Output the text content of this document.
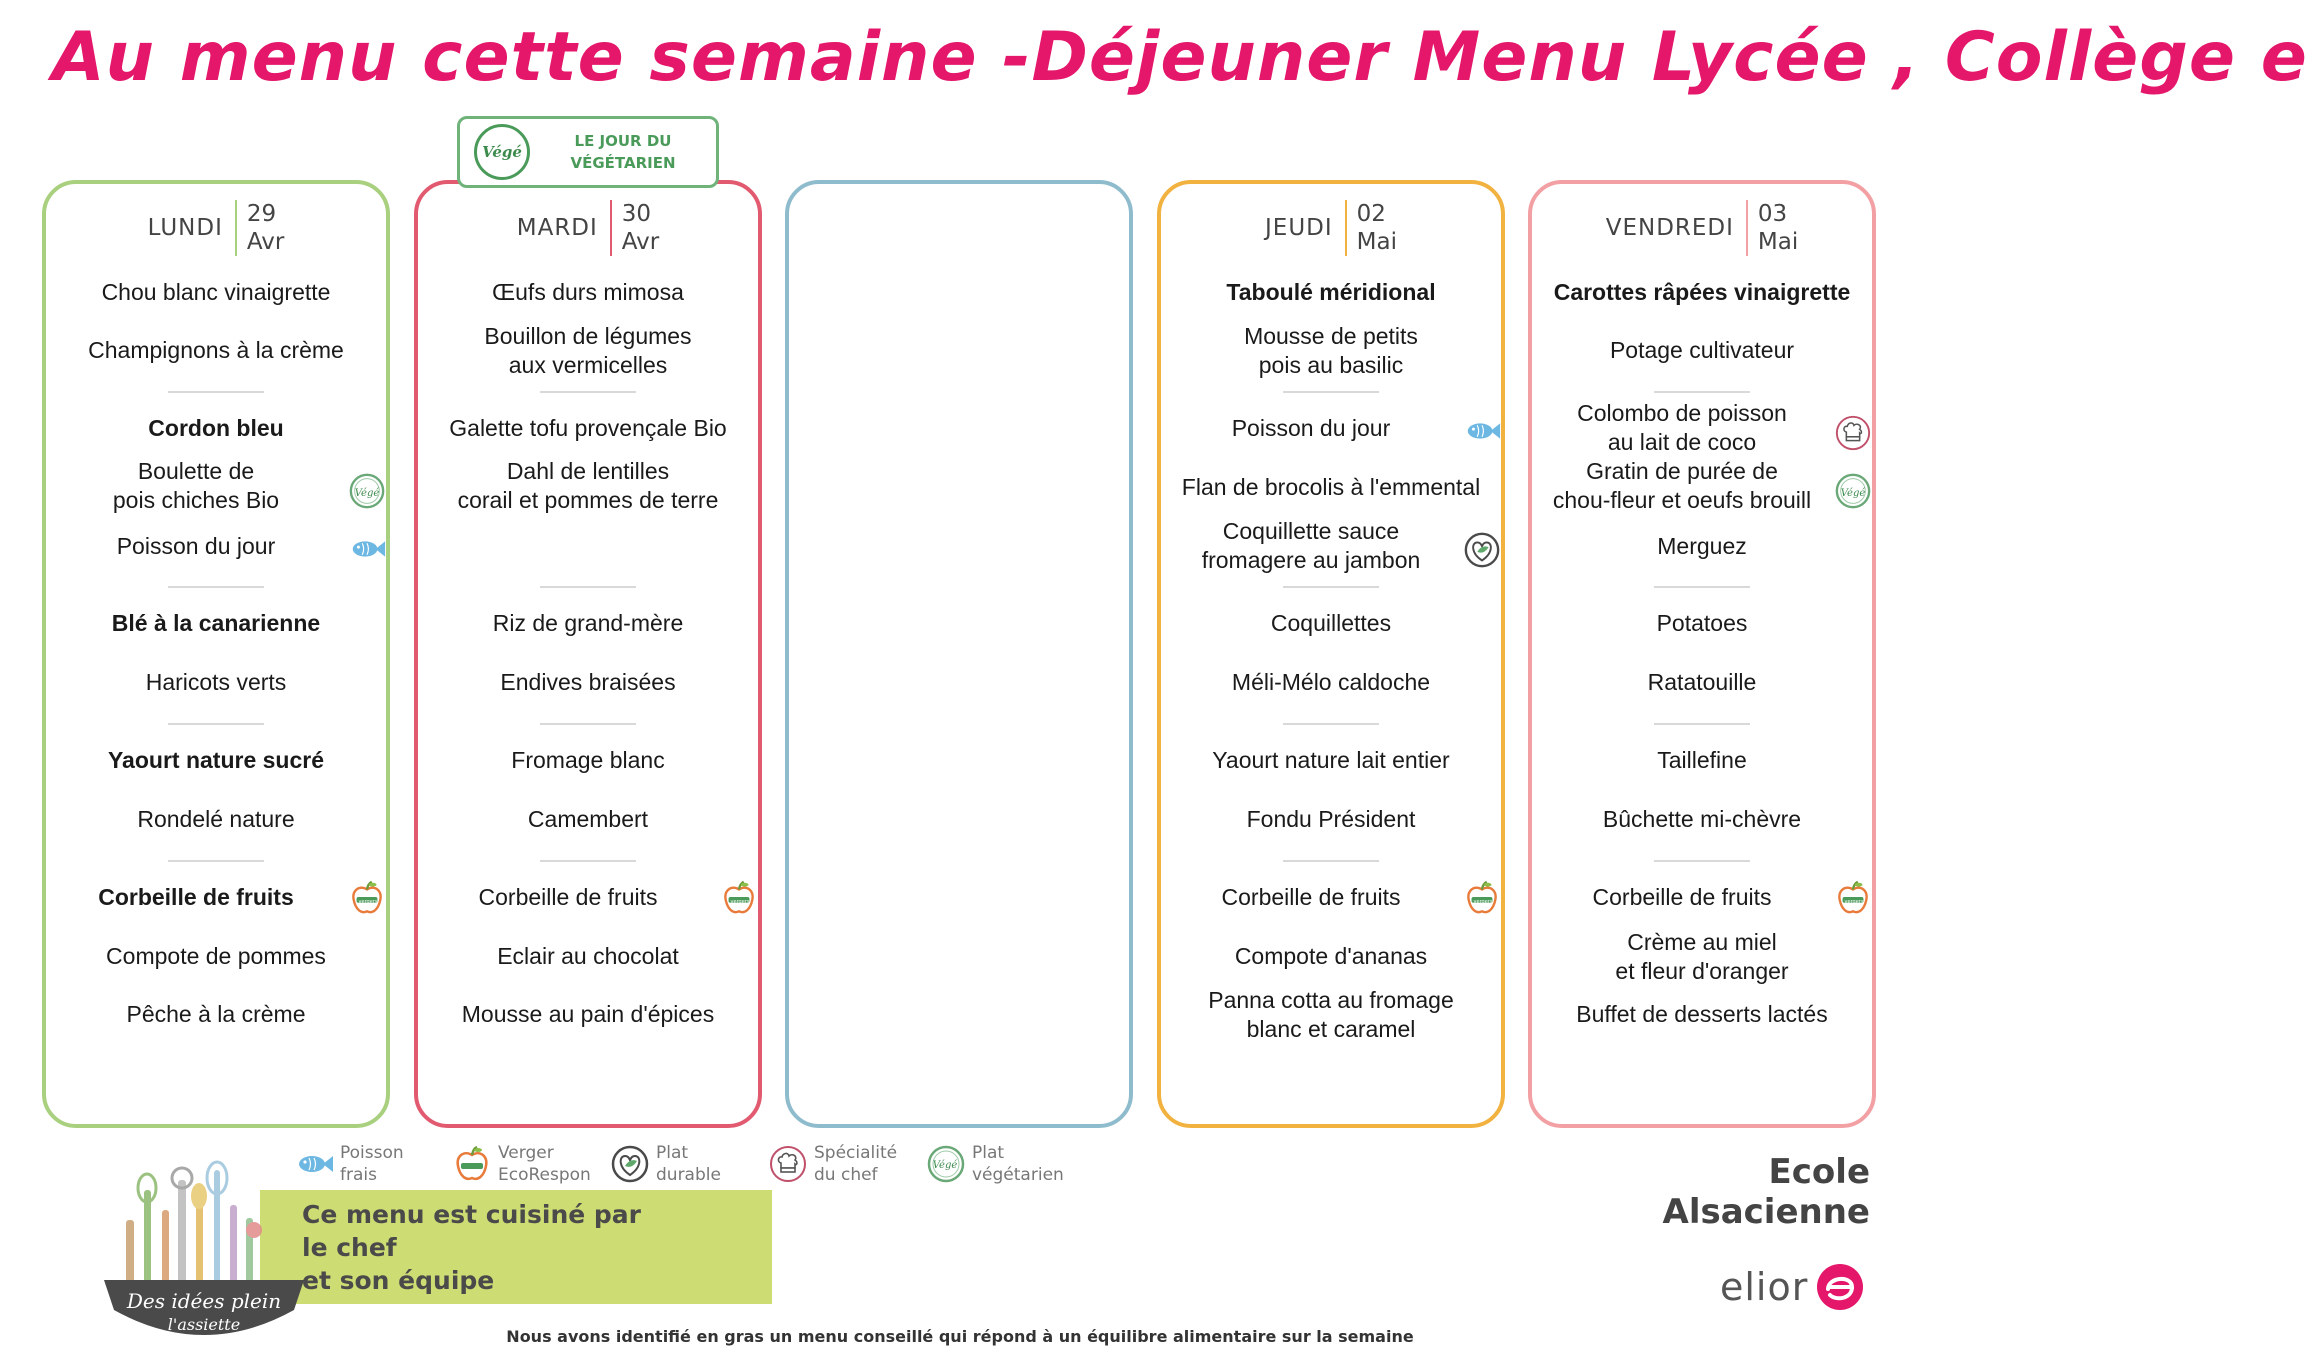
Au menu cette semaine -Déjeuner Menu Lycée , Collège e
Végé
LE JOUR DU
VÉGÉTARIEN
LUNDI
29
Avr
Chou blanc vinaigrette
Champignons à la crème
Cordon bleu
Boulette de
pois chiches Bio	Végé
Poisson du jour
Blé à la canarienne
Haricots verts
Yaourt nature sucré
Rondelé nature
Corbeille de fruits	vergers
Compote de pommes
Pêche à la crème
MARDI
30
Avr
Œufs durs mimosa
Bouillon de légumes
aux vermicelles
Galette tofu provençale Bio
Dahl de lentilles
corail et pommes de terre
Riz de grand-mère
Endives braisées
Fromage blanc
Camembert
Corbeille de fruits	vergers
Eclair au chocolat
Mousse au pain d'épices
JEUDI
02
Mai
Taboulé méridional
Mousse de petits
pois au basilic
Poisson du jour
Flan de brocolis à l'emmental
Coquillette sauce
fromagere au jambon
Coquillettes
Méli-Mélo caldoche
Yaourt nature lait entier
Fondu Président
Corbeille de fruits	vergers
Compote d'ananas
Panna cotta au fromage
blanc et caramel
VENDREDI
03
Mai
Carottes râpées vinaigrette
Potage cultivateur
Colombo de poisson
au lait de coco
Gratin de purée de
chou-fleur et oeufs brouill	Végé
Merguez
Potatoes
Ratatouille
Taillefine
Bûchette mi-chèvre
Corbeille de fruits	vergers
Crème au miel
et fleur d'oranger
Buffet de desserts lactés
Poisson
frais
Verger
EcoRespon
Plat
durable
Spécialité
du chef	Végé
Plat
végétarien	Ecole Alsacienne
Ce menu est cuisiné par
le chef
et son équipe
Des idées plein
l'assiette
elior
Nous avons identifié en gras un menu conseillé qui répond à un équilibre alimentaire sur la semaine
